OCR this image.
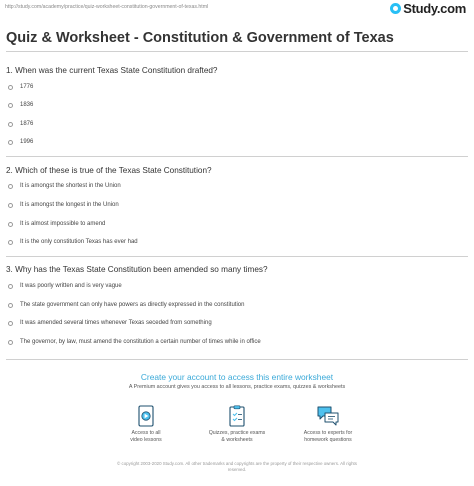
http://study.com/academy/practice/quiz-worksheet-constitution-government-of-texas.html	Study.com
Quiz & Worksheet - Constitution & Government of Texas
1. When was the current Texas State Constitution drafted?
1776
1836
1876
1996
2. Which of these is true of the Texas State Constitution?
It is amongst the shortest in the Union
It is amongst the longest in the Union
It is almost impossible to amend
It is the only constitution Texas has ever had
3. Why has the Texas State Constitution been amended so many times?
It was poorly written and is very vague
The state government can only have powers as directly expressed in the constitution
It was amended several times whenever Texas seceded from something
The governor, by law, must amend the constitution a certain number of times while in office
Create your account to access this entire worksheet
A Premium account gives you access to all lessons, practice exams, quizzes & worksheets
Access to all
video lessons
Quizzes, practice exams
& worksheets
Access to experts for
homework questions
© copyright 2003-2020 Study.com. All other trademarks and copyrights are the property of their respective owners. All rights
reserved.
